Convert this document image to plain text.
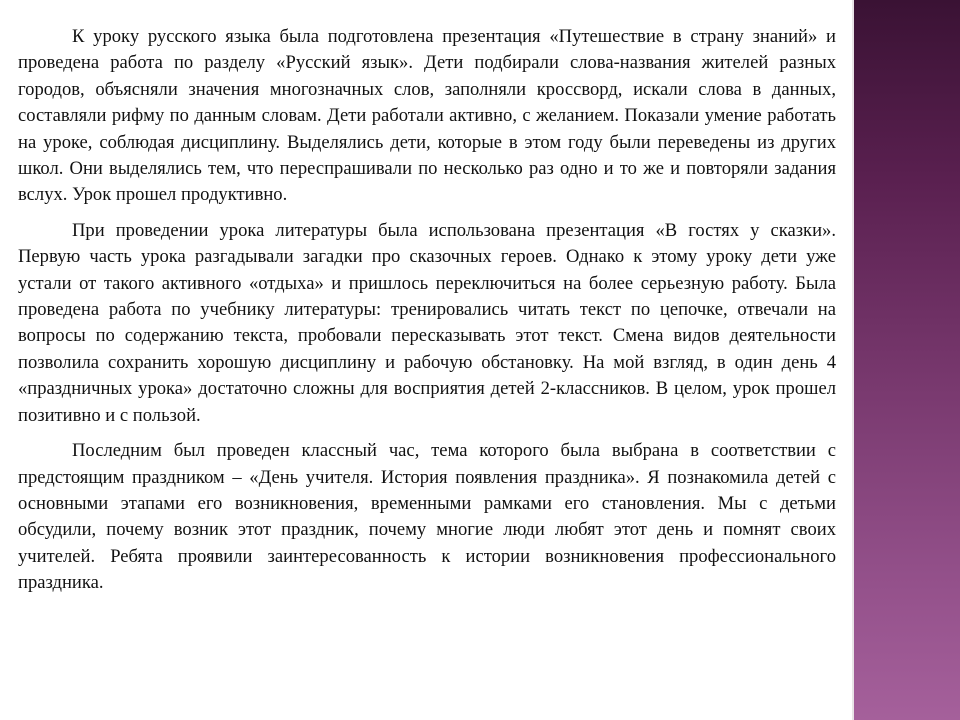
К уроку русского языка была подготовлена презентация «Путешествие в страну знаний» и проведена работа по разделу «Русский язык». Дети подбирали слова-названия жителей разных городов, объясняли значения многозначных слов, заполняли кроссворд, искали слова в данных, составляли рифму по данным словам. Дети работали активно, с желанием. Показали умение работать на уроке, соблюдая дисциплину. Выделялись дети, которые в этом году были переведены из других школ. Они выделялись тем, что переспрашивали по несколько раз одно и то же и повторяли задания вслух. Урок прошел продуктивно.

При проведении урока литературы была использована презентация «В гостях у сказки». Первую часть урока разгадывали загадки про сказочных героев. Однако к этому уроку дети уже устали от такого активного «отдыха» и пришлось переключиться на более серьезную работу. Была проведена работа по учебнику литературы: тренировались читать текст по цепочке, отвечали на вопросы по содержанию текста, пробовали пересказывать этот текст. Смена видов деятельности позволила сохранить хорошую дисциплину и рабочую обстановку. На мой взгляд, в один день 4 «праздничных урока» достаточно сложны для восприятия детей 2-классников. В целом, урок прошел позитивно и с пользой.

Последним был проведен классный час, тема которого была выбрана в соответствии с предстоящим праздником – «День учителя. История появления праздника». Я познакомила детей с основными этапами его возникновения, временными рамками его становления. Мы с детьми обсудили, почему возник этот праздник, почему многие люди любят этот день и помнят своих учителей. Ребята проявили заинтересованность к истории возникновения профессионального праздника.
